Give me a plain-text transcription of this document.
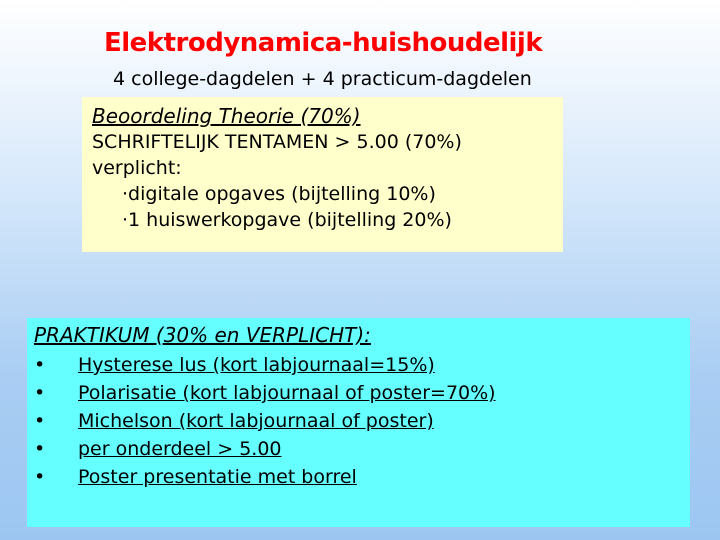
Elektrodynamica-huishoudelijk
4 college-dagdelen + 4 practicum-dagdelen
Beoordeling Theorie (70%)
SCHRIFTELIJK TENTAMEN > 5.00 (70%)
verplicht:
·digitale opgaves (bijtelling 10%)
·1 huiswerkopgave (bijtelling 20%)
PRAKTIKUM (30% en VERPLICHT):
•	Hysterese lus (kort labjournaal=15%)
•	Polarisatie (kort labjournaal of poster=70%)
•	Michelson (kort labjournaal of poster)
•	per onderdeel > 5.00
•	Poster presentatie met borrel
